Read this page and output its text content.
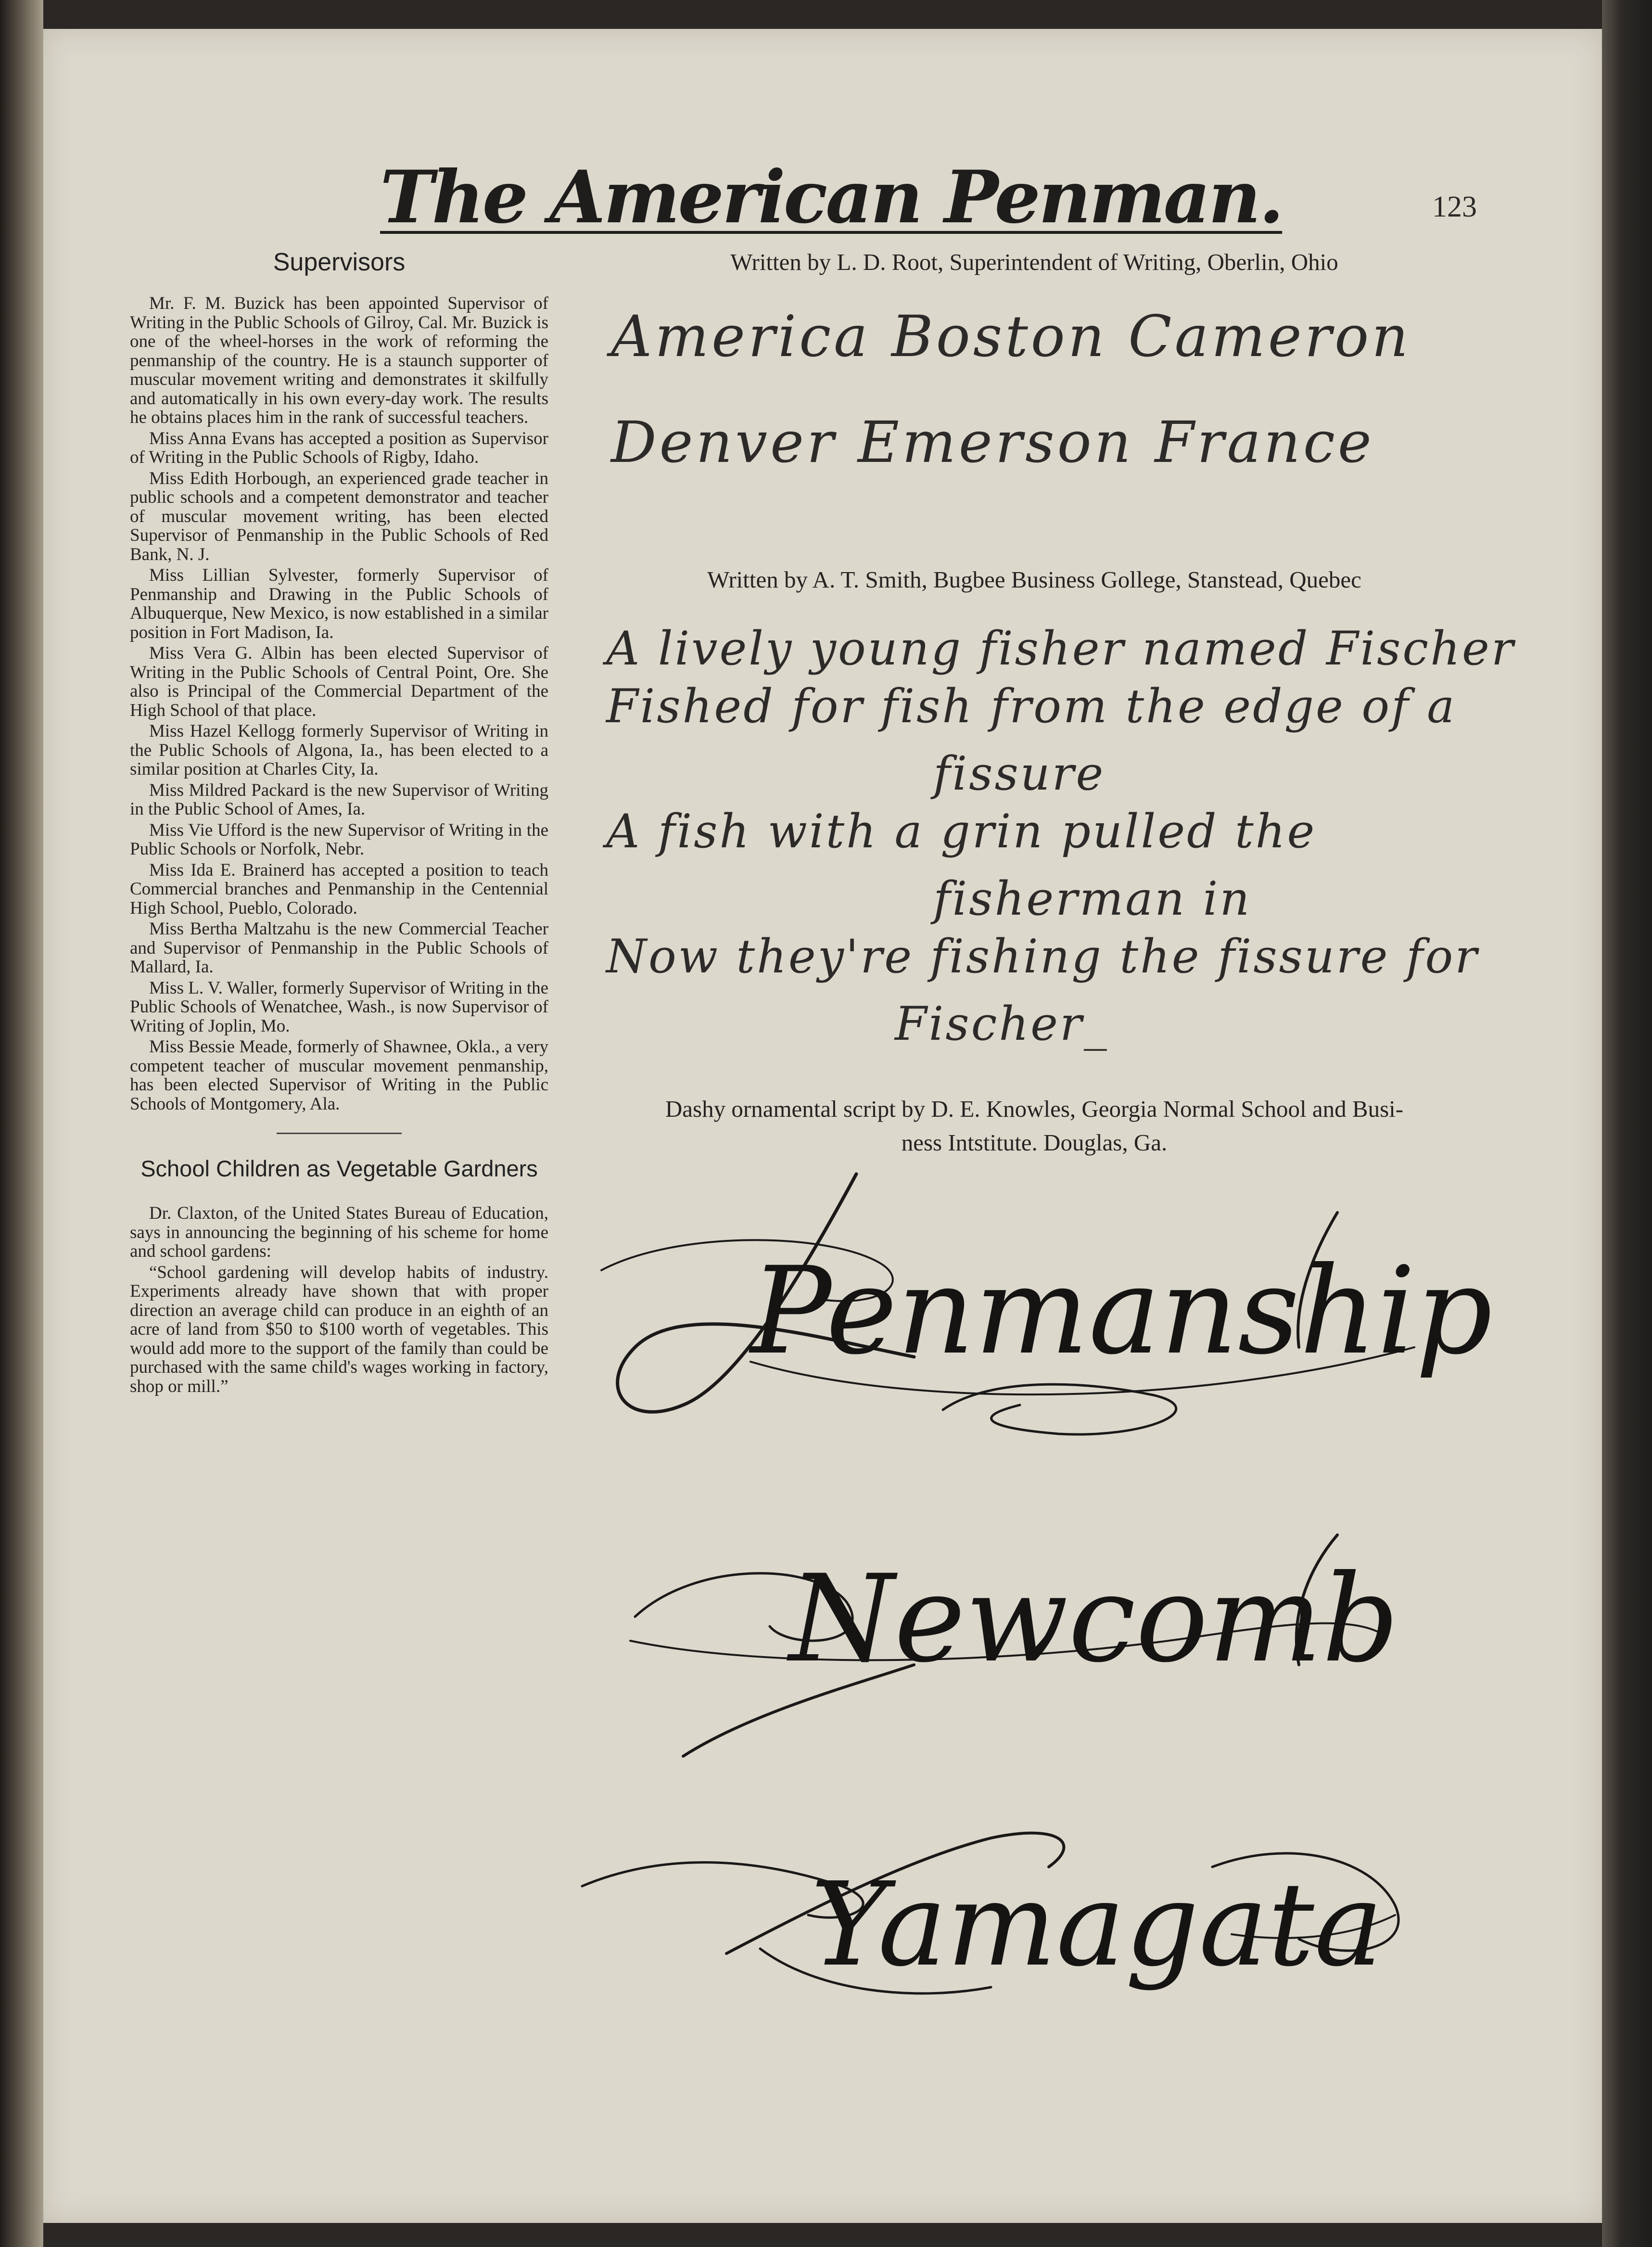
The American Penman.	123
Supervisors

Mr. F. M. Buzick has been appointed Supervisor of Writing in the Public Schools of Gilroy, Cal. Mr. Buzick is one of the wheel-horses in the work of reforming the penmanship of the country. He is a staunch supporter of muscular movement writing and demonstrates it skilfully and automatically in his own every-day work. The results he obtains places him in the rank of successful teachers.

Miss Anna Evans has accepted a position as Supervisor of Writing in the Public Schools of Rigby, Idaho.

Miss Edith Horbough, an experienced grade teacher in public schools and a competent demonstrator and teacher of muscular movement writing, has been elected Supervisor of Penmanship in the Public Schools of Red Bank, N. J.

Miss Lillian Sylvester, formerly Supervisor of Penmanship and Drawing in the Public Schools of Albuquerque, New Mexico, is now established in a similar position in Fort Madison, Ia.

Miss Vera G. Albin has been elected Supervisor of Writing in the Public Schools of Central Point, Ore. She also is Principal of the Commercial Department of the High School of that place.

Miss Hazel Kellogg formerly Supervisor of Writing in the Public Schools of Algona, Ia., has been elected to a similar position at Charles City, Ia.

Miss Mildred Packard is the new Supervisor of Writing in the Public School of Ames, Ia.

Miss Vie Ufford is the new Supervisor of Writing in the Public Schools or Norfolk, Nebr.

Miss Ida E. Brainerd has accepted a position to teach Commercial branches and Penmanship in the Centennial High School, Pueblo, Colorado.

Miss Bertha Maltzahu is the new Commercial Teacher and Supervisor of Penmanship in the Public Schools of Mallard, Ia.

Miss L. V. Waller, formerly Supervisor of Writing in the Public Schools of Wenatchee, Wash., is now Supervisor of Writing of Joplin, Mo.

Miss Bessie Meade, formerly of Shawnee, Okla., a very competent teacher of muscular movement penmanship, has been elected Supervisor of Writing in the Public Schools of Montgomery, Ala.

School Children as Vegetable Gardners

Dr. Claxton, of the United States Bureau of Education, says in announcing the beginning of his scheme for home and school gardens:

“School gardening will develop habits of industry. Experiments already have shown that with proper direction an average child can produce in an eighth of an acre of land from $50 to $100 worth of vegetables. This would add more to the support of the family than could be purchased with the same child's wages working in factory, shop or mill.”

Written by L. D. Root, Superintendent of Writing, Oberlin, Ohio
America Boston Cameron
Denver Emerson France
Written by A. T. Smith, Bugbee Business Gollege, Stanstead, Quebec
A lively young fisher named Fischer
Fished for fish from the edge of a
fissure
A fish with a grin pulled the
fisherman in
Now they're fishing the fissure for
Fischer_
Dashy ornamental script by D. E. Knowles, Georgia Normal School and Busi-
ness Intstitute. Douglas, Ga.
Penmanship
Newcomb
Yamagata
